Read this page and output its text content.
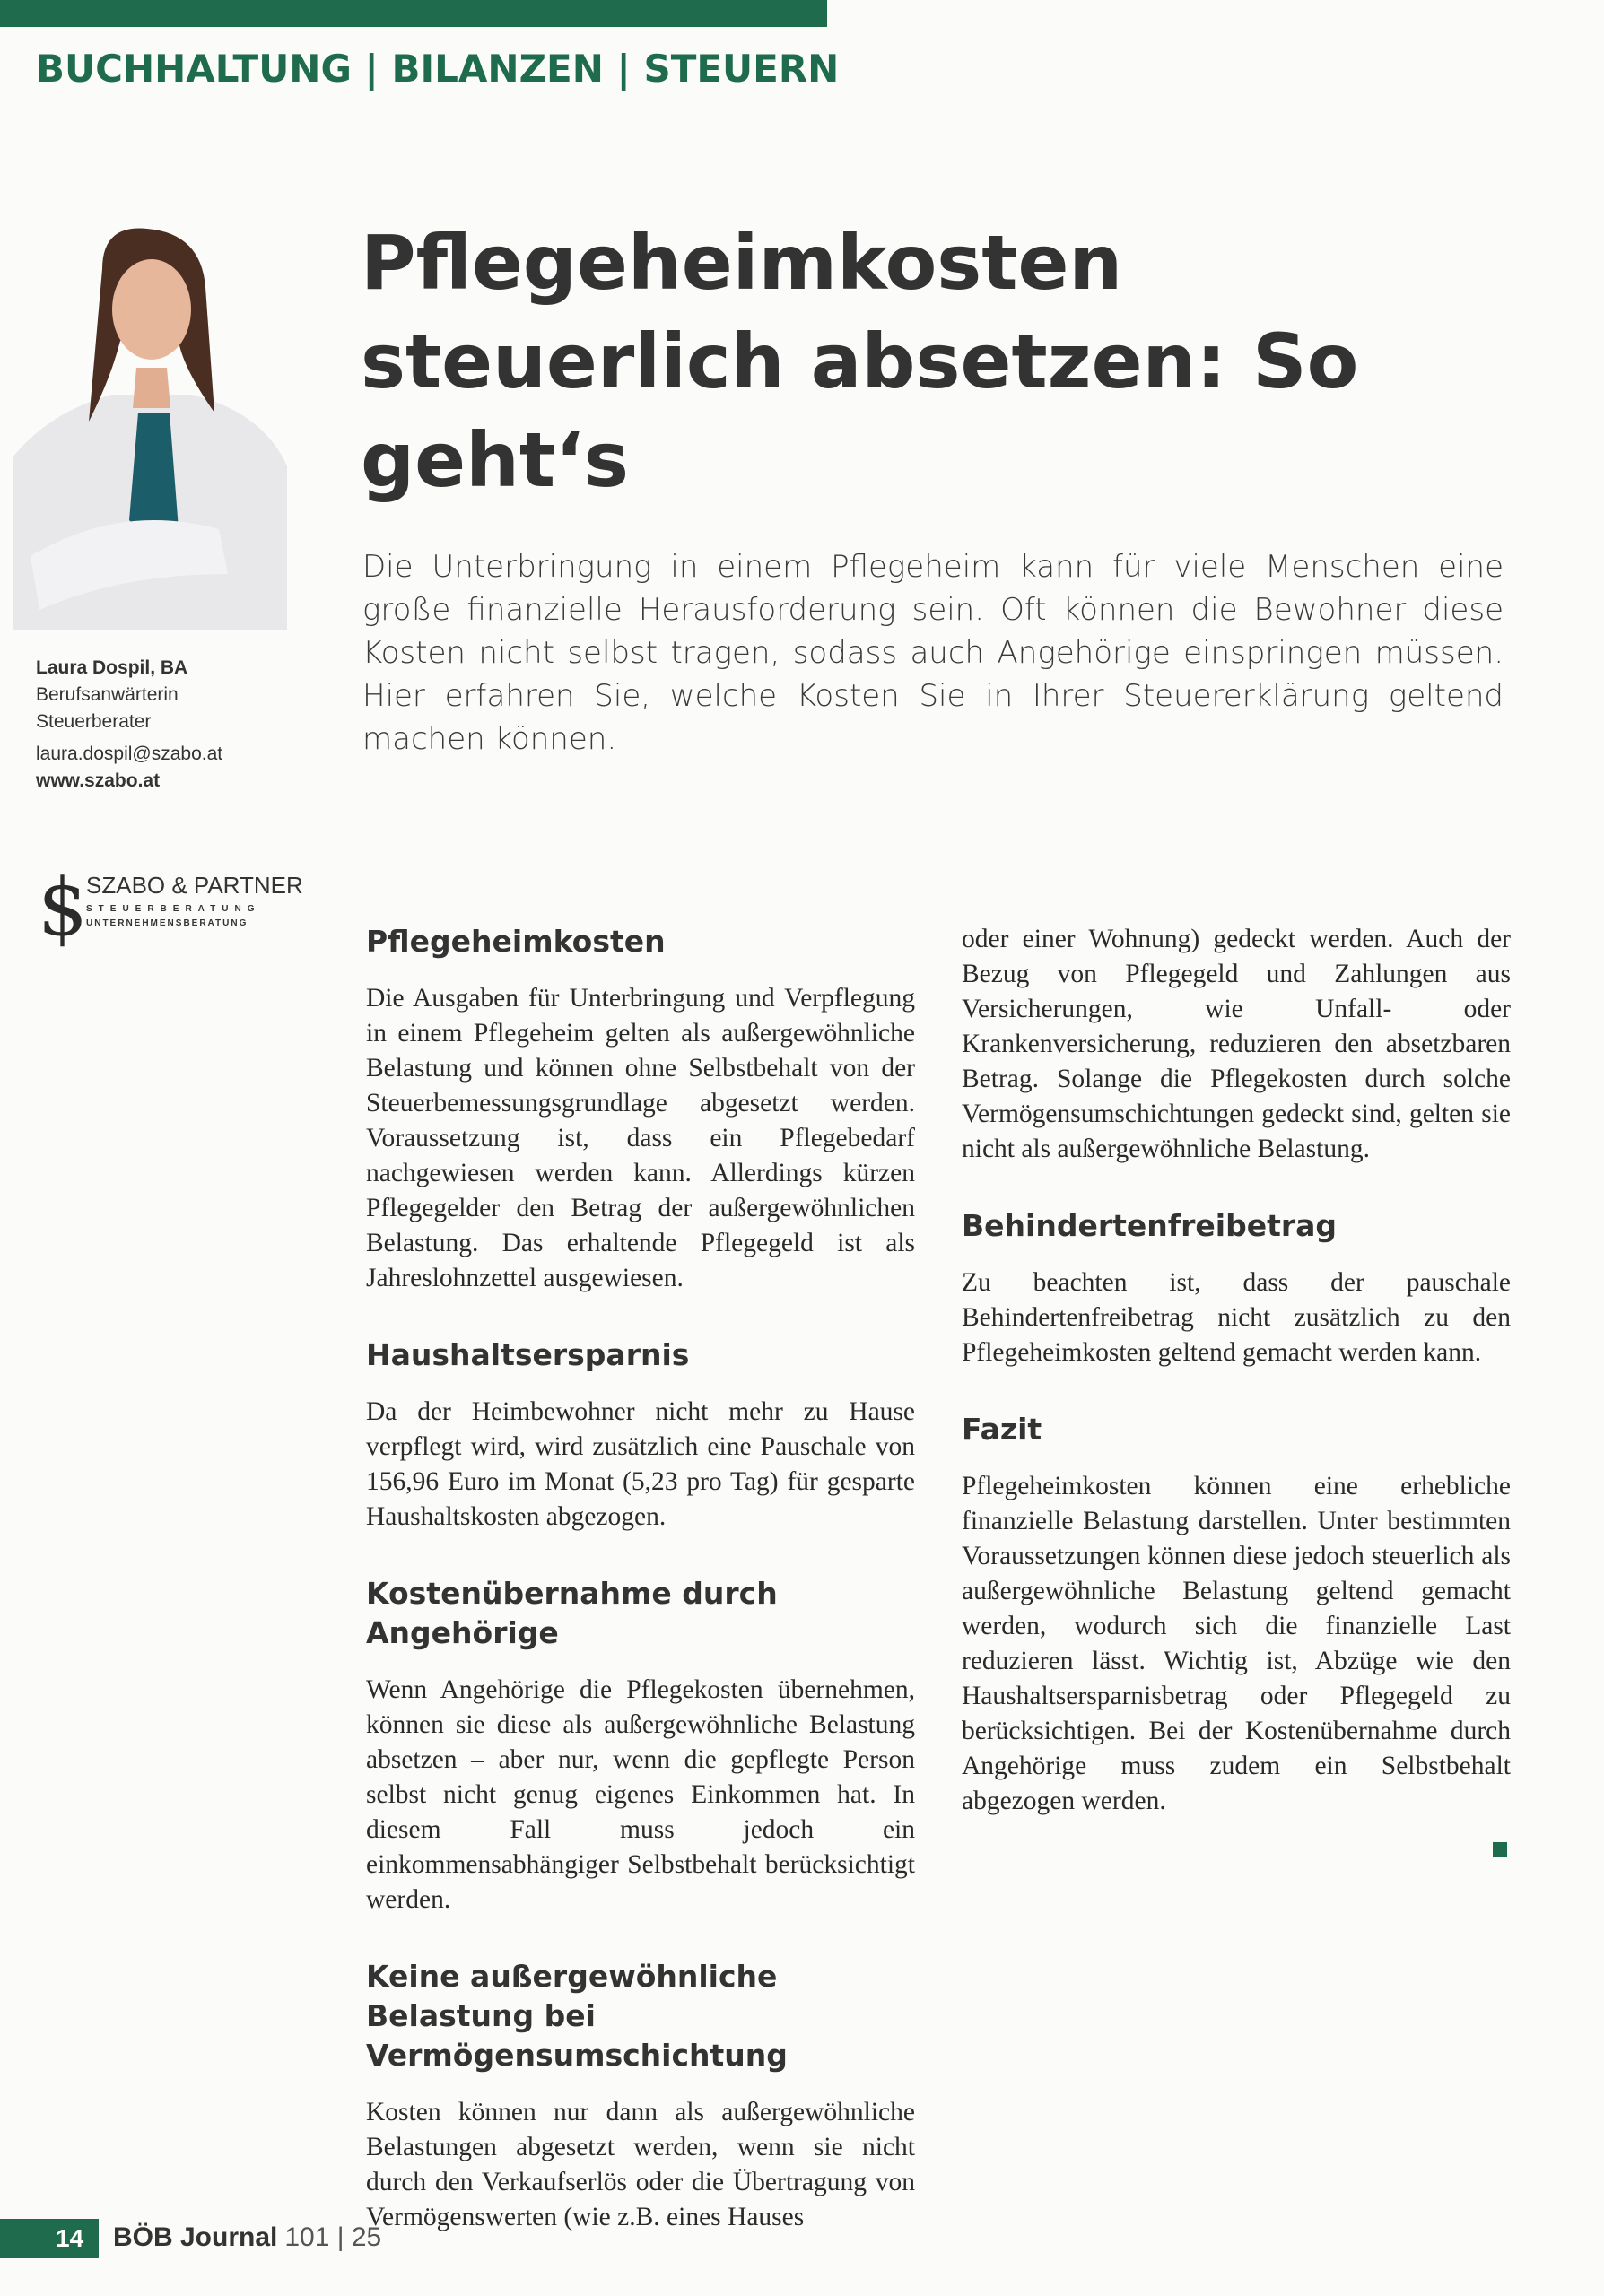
BUCHHALTUNG | BILANZEN | STEUERN
Pflegeheimkosten steuerlich absetzen: So geht‘s
Laura Dospil, BA
Berufsanwärterin
Steuerberater
laura.dospil@szabo.at
www.szabo.at
$
SZABO & PARTNER
STEUERBERATUNG
UNTERNEHMENSBERATUNG

Die Unterbringung in einem Pflegeheim kann für viele Menschen eine große finanzielle Herausforderung sein. Oft können die Bewohner diese Kosten nicht selbst tragen, sodass auch Angehörige einspringen müssen. Hier erfahren Sie, welche Kosten Sie in Ihrer Steuererklärung geltend machen können.

Pflegeheimkosten

Die Ausgaben für Unterbringung und Verpflegung in einem Pflegeheim gelten als außergewöhnliche Belastung und können ohne Selbstbehalt von der Steuerbemessungsgrundlage abgesetzt werden. Voraussetzung ist, dass ein Pflegebedarf nachgewiesen werden kann. Allerdings kürzen Pflegegelder den Betrag der außergewöhnlichen Belastung. Das erhaltende Pflegegeld ist als Jahreslohnzettel ausgewiesen.

Haushaltsersparnis

Da der Heimbewohner nicht mehr zu Hause verpflegt wird, wird zusätzlich eine Pauschale von 156,96 Euro im Monat (5,23 pro Tag) für gesparte Haushaltskosten abgezogen.

Kostenübernahme durch Angehörige

Wenn Angehörige die Pflegekosten übernehmen, können sie diese als außergewöhnliche Belastung absetzen – aber nur, wenn die gepflegte Person selbst nicht genug eigenes Einkommen hat. In diesem Fall muss jedoch ein einkommensabhängiger Selbstbehalt berücksichtigt werden.

Keine außergewöhnliche Belastung bei Vermögensumschichtung

Kosten können nur dann als außergewöhnliche Belastungen abgesetzt werden, wenn sie nicht durch den Verkaufserlös oder die Übertragung von Vermögenswerten (wie z.B. eines Hauses

oder einer Wohnung) gedeckt werden. Auch der Bezug von Pflegegeld und Zahlungen aus Versicherungen, wie Unfall- oder Krankenversicherung, reduzieren den absetzbaren Betrag. Solange die Pflegekosten durch solche Vermögensumschichtungen gedeckt sind, gelten sie nicht als außergewöhnliche Belastung.

Behindertenfreibetrag

Zu beachten ist, dass der pauschale Behindertenfreibetrag nicht zusätzlich zu den Pflegeheimkosten geltend gemacht werden kann.

Fazit

Pflegeheimkosten können eine erhebliche finanzielle Belastung darstellen. Unter bestimmten Voraussetzungen können diese jedoch steuerlich als außergewöhnliche Belastung geltend gemacht werden, wodurch sich die finanzielle Last reduzieren lässt. Wichtig ist, Abzüge wie den Haushaltsersparnisbetrag oder Pflegegeld zu berücksichtigen. Bei der Kostenübernahme durch Angehörige muss zudem ein Selbstbehalt abgezogen werden.

14 BÖB Journal 101 | 25
